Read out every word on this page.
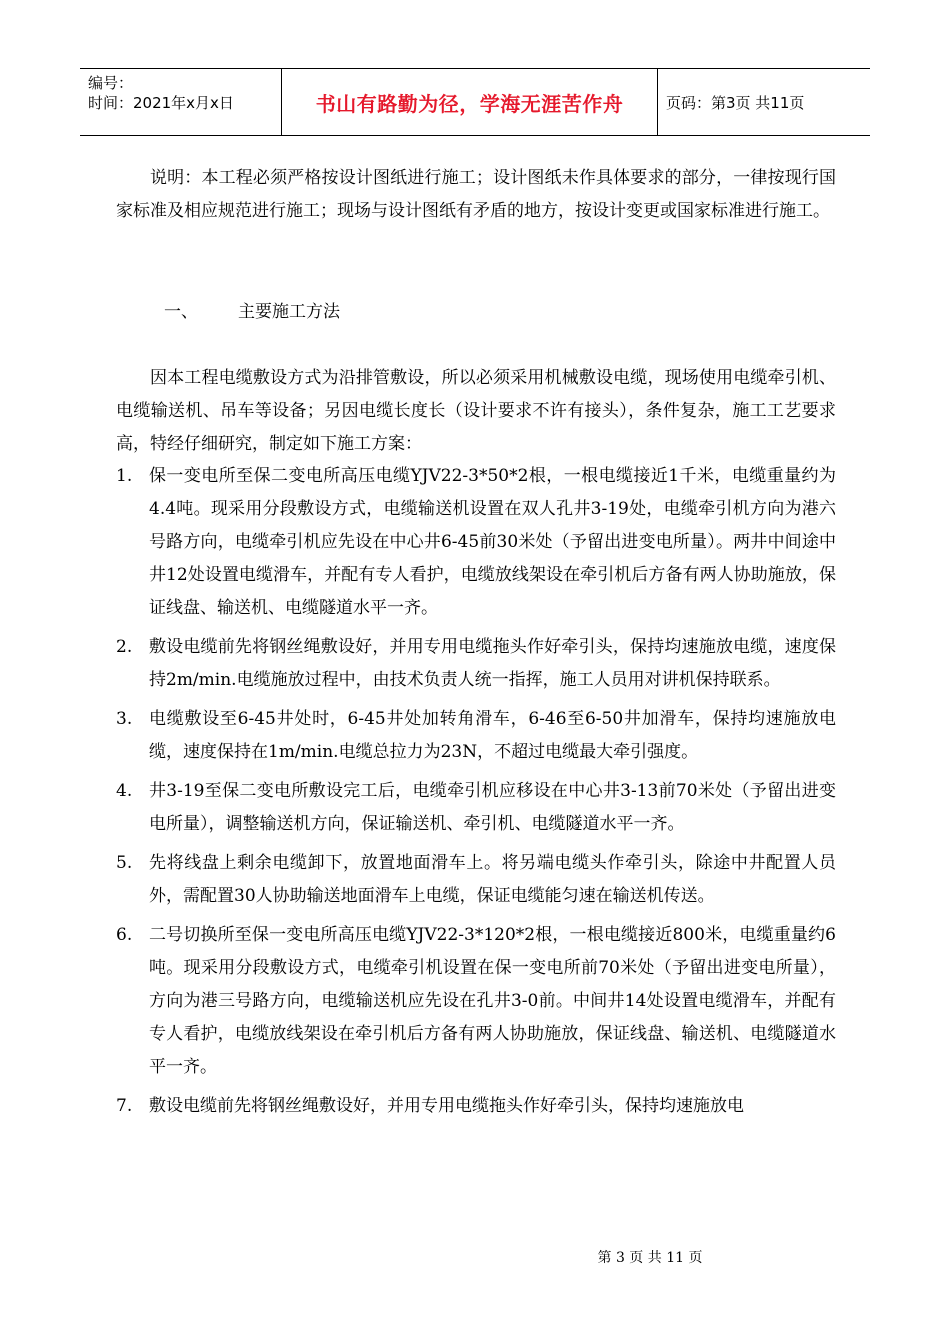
编号：
时间：2021年x月x日	书山有路勤为径，学海无涯苦作舟	页码：第3页 共11页
说明：本工程必须严格按设计图纸进行施工；设计图纸未作具体要求的部分，一律按现行国家标准及相应规范进行施工；现场与设计图纸有矛盾的地方，按设计变更或国家标准进行施工。
一、 主要施工方法
因本工程电缆敷设方式为沿排管敷设，所以必须采用机械敷设电缆，现场使用电缆牵引机、电缆输送机、吊车等设备；另因电缆长度长（设计要求不许有接头），条件复杂，施工工艺要求高，特经仔细研究，制定如下施工方案：
1. 保一变电所至保二变电所高压电缆YJV22-3*50*2根，一根电缆接近1千米，电缆重量约为4.4吨。现采用分段敷设方式，电缆输送机设置在双人孔井3-19处，电缆牵引机方向为港六号路方向，电缆牵引机应先设在中心井6-45前30米处（予留出进变电所量）。两井中间途中井12处设置电缆滑车，并配有专人看护，电缆放线架设在牵引机后方备有两人协助施放，保证线盘、输送机、电缆隧道水平一齐。
2. 敷设电缆前先将钢丝绳敷设好，并用专用电缆拖头作好牵引头，保持均速施放电缆，速度保持2m/min.电缆施放过程中，由技术负责人统一指挥，施工人员用对讲机保持联系。
3. 电缆敷设至6-45井处时，6-45井处加转角滑车，6-46至6-50井加滑车，保持均速施放电缆，速度保持在1m/min.电缆总拉力为23N，不超过电缆最大牵引强度。
4. 井3-19至保二变电所敷设完工后，电缆牵引机应移设在中心井3-13前70米处（予留出进变电所量），调整输送机方向，保证输送机、牵引机、电缆隧道水平一齐。
5. 先将线盘上剩余电缆卸下，放置地面滑车上。将另端电缆头作牵引头，除途中井配置人员外，需配置30人协助输送地面滑车上电缆，保证电缆能匀速在输送机传送。
6. 二号切换所至保一变电所高压电缆YJV22-3*120*2根，一根电缆接近800米，电缆重量约6吨。现采用分段敷设方式，电缆牵引机设置在保一变电所前70米处（予留出进变电所量），方向为港三号路方向，电缆输送机应先设在孔井3-0前。中间井14处设置电缆滑车，并配有专人看护，电缆放线架设在牵引机后方备有两人协助施放，保证线盘、输送机、电缆隧道水平一齐。
7. 敷设电缆前先将钢丝绳敷设好，并用专用电缆拖头作好牵引头，保持均速施放电
第 3 页 共 11 页
